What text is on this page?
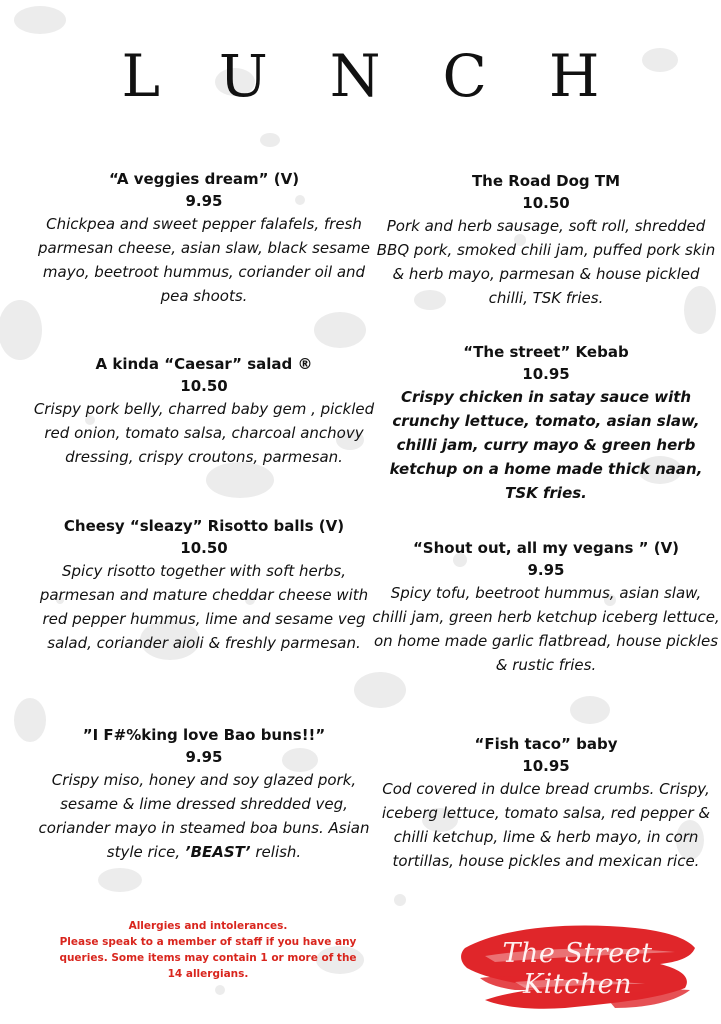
LUNCH
“A veggies dream” (V)
9.95
Chickpea and sweet pepper falafels, fresh parmesan cheese, asian slaw, black sesame mayo, beetroot hummus, coriander oil and pea shoots.
A kinda “Caesar” salad ®
10.50
Crispy pork belly, charred baby gem , pickled red onion, tomato salsa, charcoal anchovy dressing, crispy croutons, parmesan.
Cheesy “sleazy” Risotto balls (V)
10.50
Spicy risotto together with soft herbs, parmesan and mature cheddar cheese with red pepper hummus, lime and sesame veg salad, coriander aioli & freshly parmesan.
”I F#%king love Bao buns!!”
9.95
Crispy miso, honey and soy glazed pork, sesame & lime dressed shredded veg, coriander mayo in steamed boa buns. Asian style rice, ’BEAST’ relish.
The Road Dog TM
10.50
Pork and herb sausage, soft roll, shredded BBQ pork, smoked chili jam, puffed pork skin & herb mayo, parmesan & house pickled chilli, TSK fries.
“The street” Kebab
10.95
Crispy chicken in satay sauce with crunchy lettuce, tomato, asian slaw, chilli jam, curry mayo & green herb ketchup on a home made thick naan, TSK fries.
“Shout out, all my vegans ” (V)
9.95
Spicy tofu, beetroot hummus, asian slaw, chilli jam, green herb ketchup iceberg lettuce, on home made garlic flatbread, house pickles & rustic fries.
“Fish taco” baby
10.95
Cod covered in dulce bread crumbs. Crispy, iceberg lettuce, tomato salsa, red pepper & chilli ketchup, lime & herb mayo, in corn tortillas, house pickles and mexican rice.
Allergies and intolerances.
Please speak to a member of staff if you have any queries. Some items may contain 1 or more of the 14 allergians.
The Street Kitchen
